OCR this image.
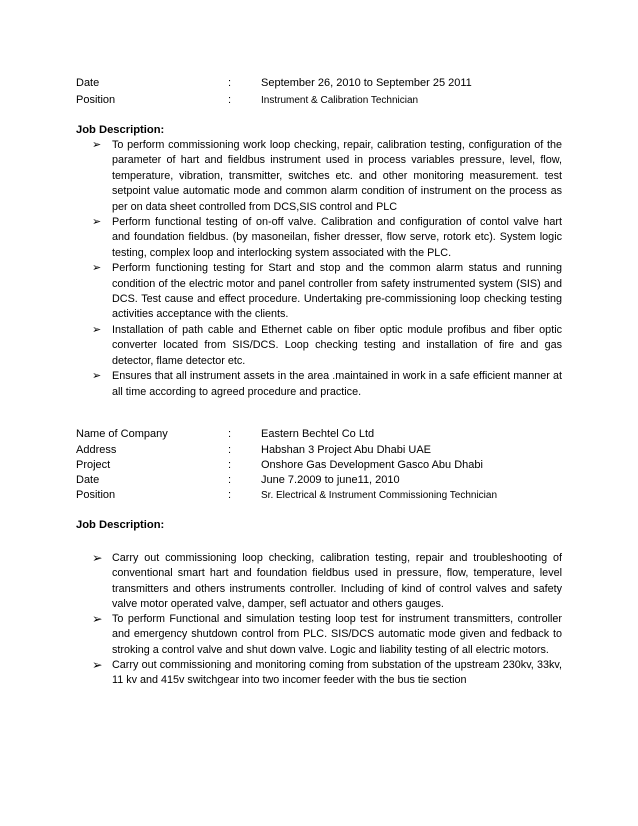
Date	:	September 26, 2010 to September 25 2011
Position	:	Instrument & Calibration Technician
Job Description:

➢ To perform commissioning work loop checking, repair, calibration testing, configuration of the parameter of hart and fieldbus instrument used in process variables pressure, level, flow, temperature, vibration, transmitter, switches etc. and other monitoring measurement. test setpoint value automatic mode and common alarm condition of instrument on the process as per on data sheet controlled from DCS,SIS control and PLC

➢ Perform functional testing of on-off valve. Calibration and configuration of contol valve hart and foundation fieldbus. (by masoneilan, fisher dresser, flow serve, rotork etc). System logic testing, complex loop and interlocking system associated with the PLC.

➢ Perform functioning testing for Start and stop and the common alarm status and running condition of the electric motor and panel controller from safety instrumented system (SIS) and DCS. Test cause and effect procedure. Undertaking pre-commissioning loop checking testing activities acceptance with the clients.

➢ Installation of path cable and Ethernet cable on fiber optic module profibus and fiber optic converter located from SIS/DCS. Loop checking testing and installation of fire and gas detector, flame detector etc.

➢ Ensures that all instrument assets in the area .maintained in work in a safe efficient manner at all time according to agreed procedure and practice.

Name of Company	:	Eastern Bechtel Co Ltd
Address	:	Habshan 3 Project Abu Dhabi UAE
Project	:	Onshore Gas Development Gasco Abu Dhabi
Date	:	June 7.2009 to june11, 2010
Position	:	Sr. Electrical & Instrument Commissioning Technician
Job Description:

➢ Carry out commissioning loop checking, calibration testing, repair and troubleshooting of conventional smart hart and foundation fieldbus used in pressure, flow, temperature, level transmitters and others instruments controller. Including of kind of control valves and safety valve motor operated valve, damper, sefl actuator and others gauges.

➢ To perform Functional and simulation testing loop test for instrument transmitters, controller and emergency shutdown control from PLC. SIS/DCS automatic mode given and fedback to stroking a control valve and shut down valve. Logic and liability testing of all electric motors.

➢ Carry out commissioning and monitoring coming from substation of the upstream 230kv, 33kv, 11 kv and 415v switchgear into two incomer feeder with the bus tie section
